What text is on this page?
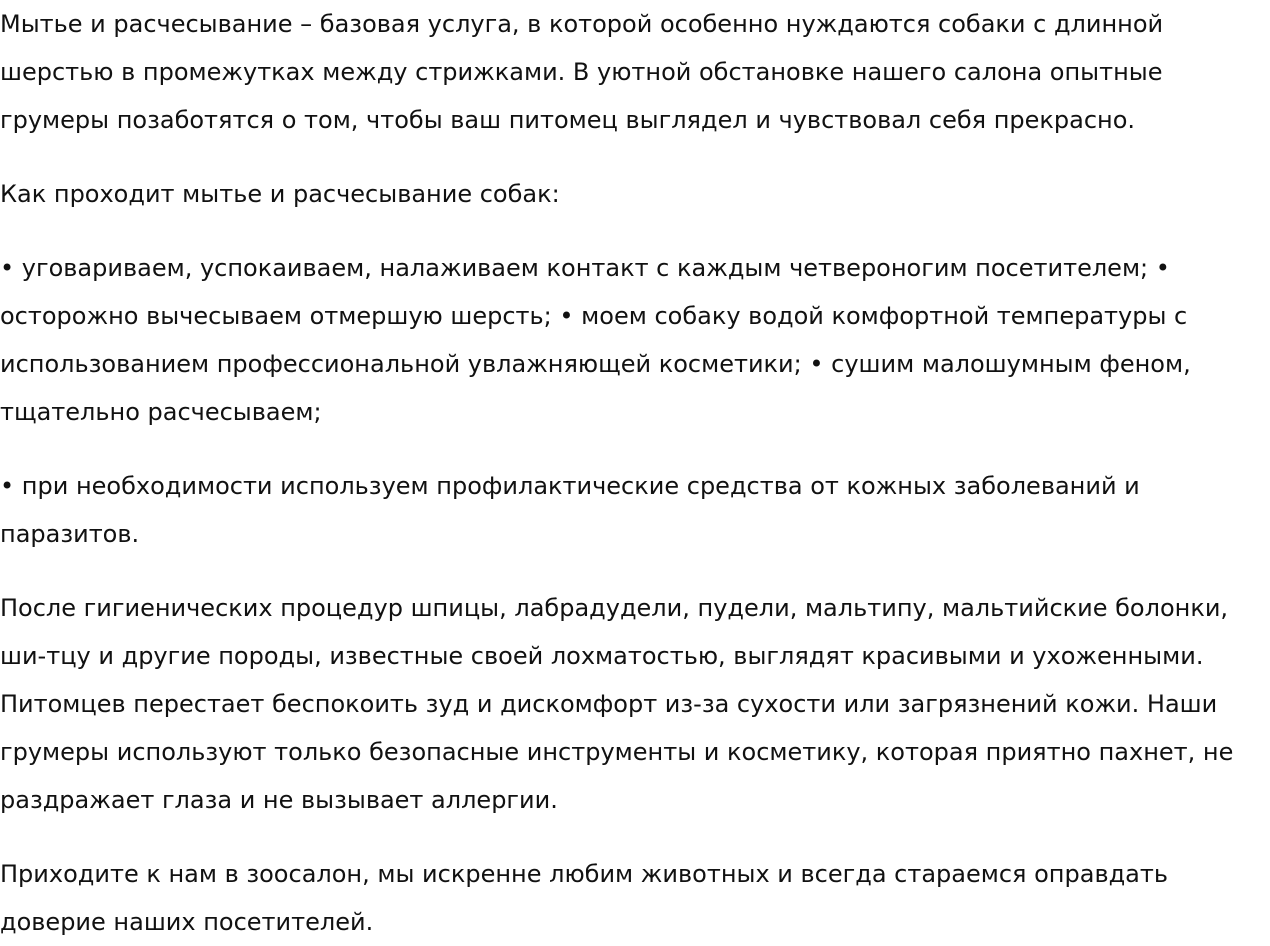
Мытье и расчесывание – базовая услуга, в которой особенно нуждаются собаки с длинной шерстью в промежутках между стрижками. В уютной обстановке нашего салона опытные грумеры позаботятся о том, чтобы ваш питомец выглядел и чувствовал себя прекрасно.

Как проходит мытье и расчесывание собак:

• уговариваем, успокаиваем, налаживаем контакт с каждым четвероногим посетителем; • осторожно вычесываем отмершую шерсть; • моем собаку водой комфортной температуры с использованием профессиональной увлажняющей косметики; • сушим малошумным феном, тщательно расчесываем;

• при необходимости используем профилактические средства от кожных заболеваний и паразитов.

После гигиенических процедур шпицы, лабрадудели, пудели, мальтипу, мальтийские болонки, ши-тцу и другие породы, известные своей лохматостью, выглядят красивыми и ухоженными. Питомцев перестает беспокоить зуд и дискомфорт из-за сухости или загрязнений кожи. Наши грумеры используют только безопасные инструменты и косметику, которая приятно пахнет, не раздражает глаза и не вызывает аллергии.

Приходите к нам в зоосалон, мы искренне любим животных и всегда стараемся оправдать доверие наших посетителей.
